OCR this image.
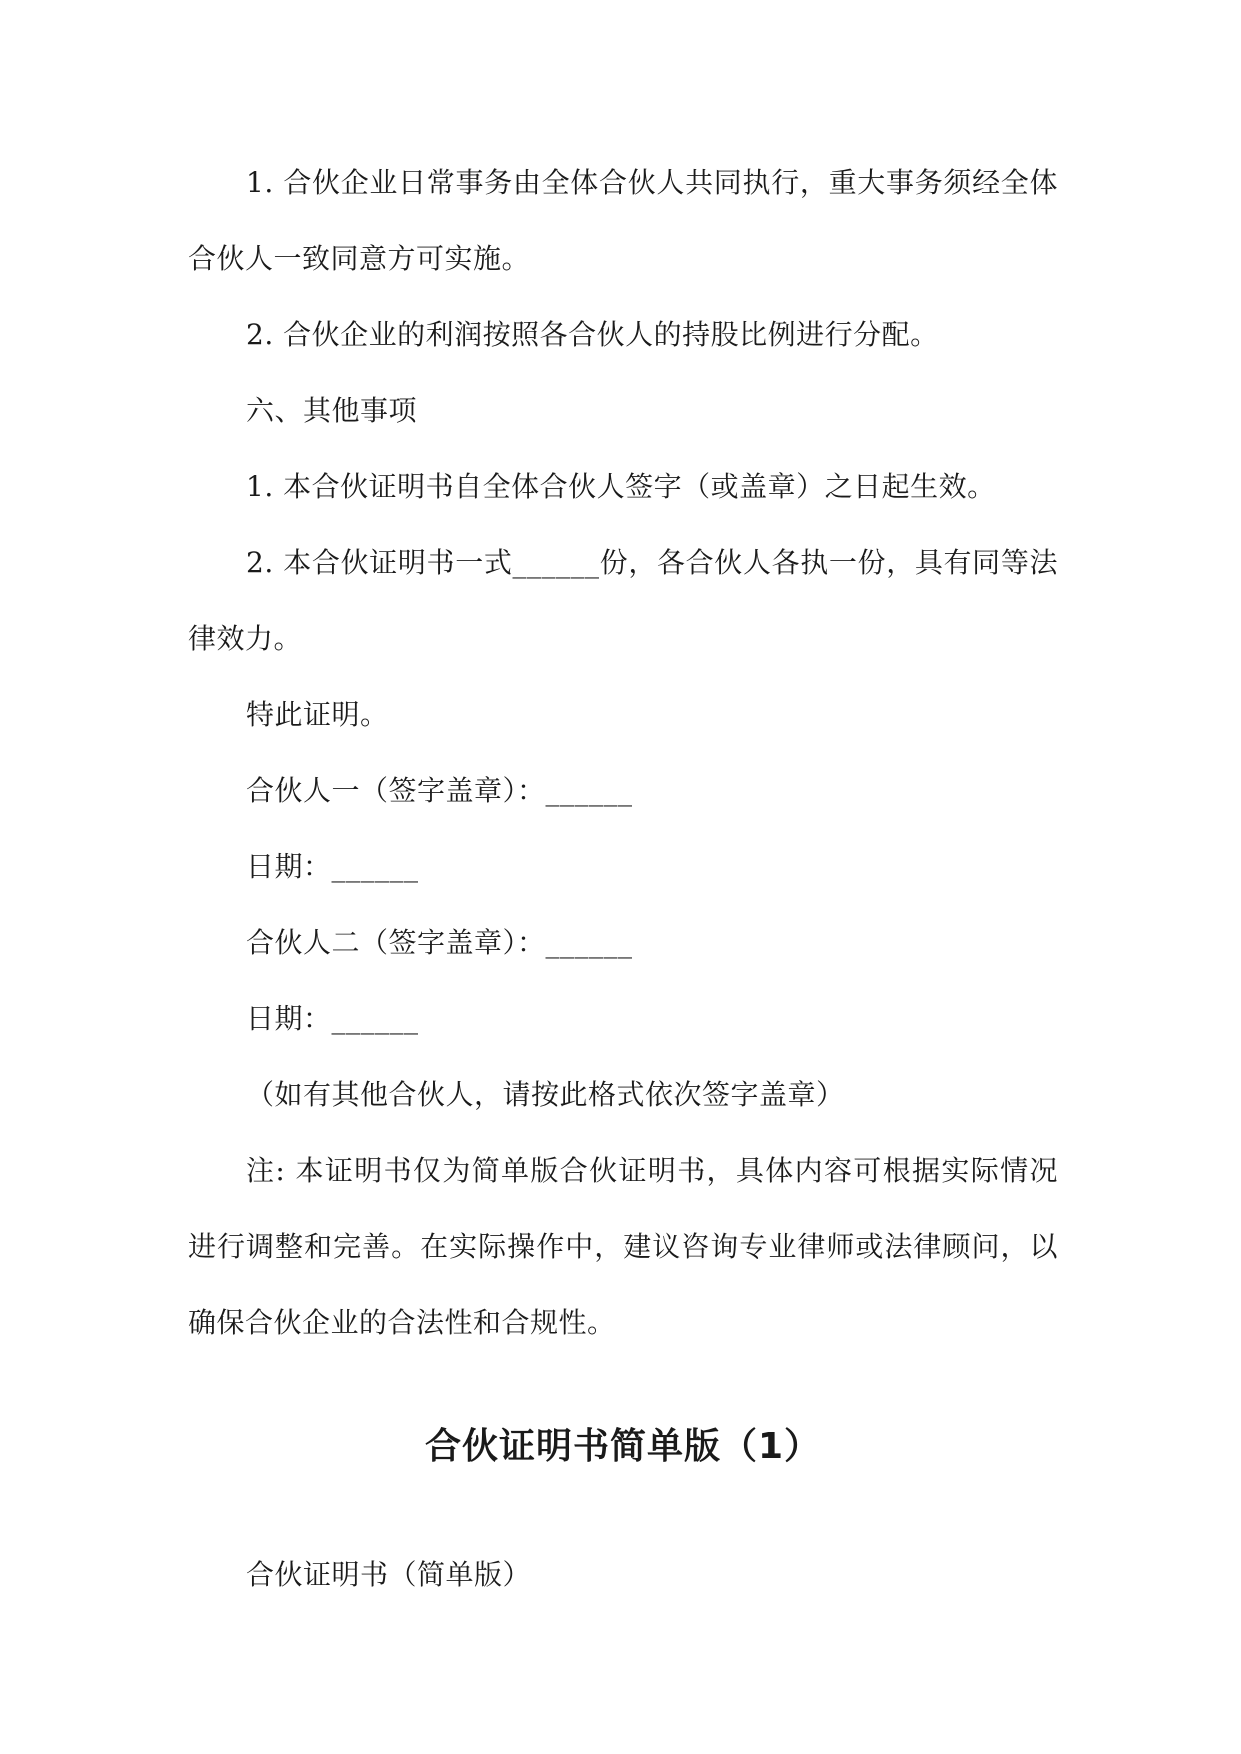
1. 合伙企业日常事务由全体合伙人共同执行，重大事务须经全体合伙人一致同意方可实施。

2. 合伙企业的利润按照各合伙人的持股比例进行分配。

六、其他事项

1. 本合伙证明书自全体合伙人签字（或盖章）之日起生效。

2. 本合伙证明书一式______份，各合伙人各执一份，具有同等法律效力。

特此证明。

合伙人一（签字盖章）：______

日期：______

合伙人二（签字盖章）：______

日期：______

（如有其他合伙人，请按此格式依次签字盖章）

注: 本证明书仅为简单版合伙证明书，具体内容可根据实际情况进行调整和完善。在实际操作中，建议咨询专业律师或法律顾问，以确保合伙企业的合法性和合规性。

合伙证明书简单版（1）

合伙证明书（简单版）
